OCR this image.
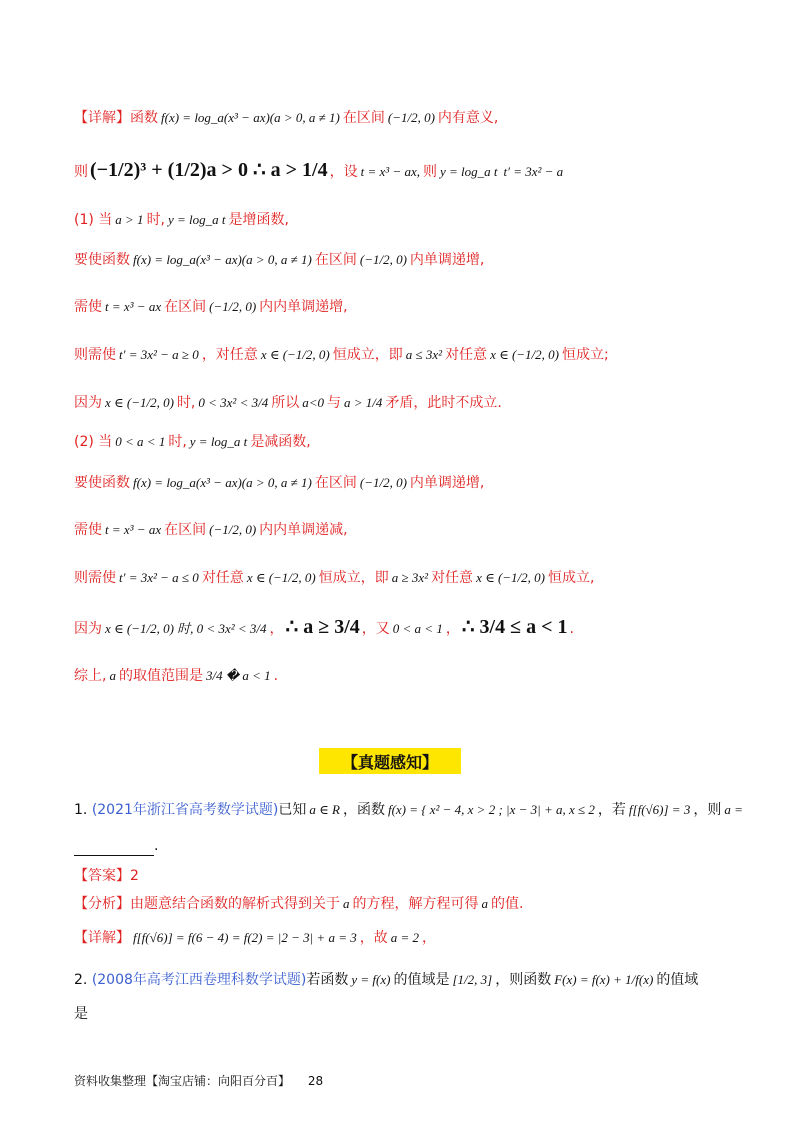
【详解】函数 f(x) = log_a(x³ − ax)(a > 0, a ≠ 1) 在区间 (−1/2, 0) 内有意义,
则 (−1/2)³ + (1/2)a > 0 ∴ a > 1/4 ，设 t = x³ − ax, 则 y = log_a t t′ = 3x² − a
(1) 当 a > 1 时, y = log_a t 是增函数,
要使函数 f(x) = log_a(x³ − ax)(a > 0, a ≠ 1) 在区间 (−1/2, 0) 内单调递增,
需使 t = x³ − ax 在区间 (−1/2, 0) 内内单调递增,
则需使 t′ = 3x² − a ≥ 0 ，对任意 x ∈ (−1/2, 0) 恒成立，即 a ≤ 3x² 对任意 x ∈ (−1/2, 0) 恒成立;
因为 x ∈ (−1/2, 0) 时, 0 < 3x² < 3/4 所以 a<0 与 a > 1/4 矛盾，此时不成立.
(2) 当 0 < a < 1 时, y = log_a t 是减函数,
要使函数 f(x) = log_a(x³ − ax)(a > 0, a ≠ 1) 在区间 (−1/2, 0) 内单调递增,
需使 t = x³ − ax 在区间 (−1/2, 0) 内内单调递减,
则需使 t′ = 3x² − a ≤ 0 对任意 x ∈ (−1/2, 0) 恒成立，即 a ≥ 3x² 对任意 x ∈ (−1/2, 0) 恒成立,
因为 x ∈ (−1/2, 0) 时, 0 < 3x² < 3/4 ， ∴ a ≥ 3/4 ，又 0 < a < 1 ， ∴ 3/4 ≤ a < 1 .
综上, a 的取值范围是 3/4 � a < 1 .
【真题感知】
1. (2021年浙江省高考数学试题)已知 a ∈ R ，函数 f(x) = { x² − 4, x > 2 ; |x − 3| + a, x ≤ 2 ，若 f[f(√6)] = 3 ，则 a =
.
【答案】2
【分析】由题意结合函数的解析式得到关于 a 的方程，解方程可得 a 的值.
【详解】 f[f(√6)] = f(6 − 4) = f(2) = |2 − 3| + a = 3 ，故 a = 2 ，
2. (2008年高考江西卷理科数学试题)若函数 y = f(x) 的值域是 [1/2, 3] ，则函数 F(x) = f(x) + 1/f(x) 的值域
是
资料收集整理【淘宝店铺：向阳百分百】 28
